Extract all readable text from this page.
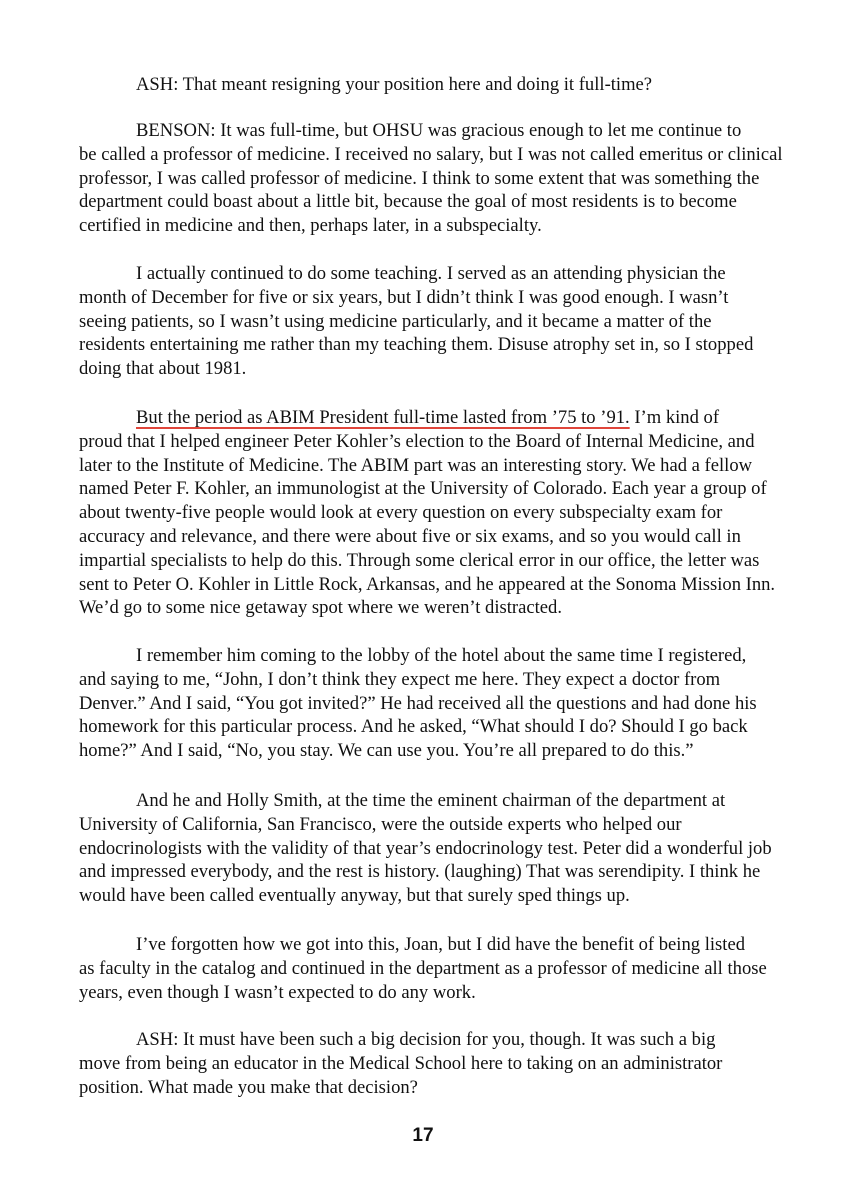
ASH: That meant resigning your position here and doing it full-time?

BENSON: It was full-time, but OHSU was gracious enough to let me continue to
be called a professor of medicine. I received no salary, but I was not called emeritus or clinical
professor, I was called professor of medicine. I think to some extent that was something the
department could boast about a little bit, because the goal of most residents is to become
certified in medicine and then, perhaps later, in a subspecialty.

I actually continued to do some teaching. I served as an attending physician the
month of December for five or six years, but I didn’t think I was good enough. I wasn’t
seeing patients, so I wasn’t using medicine particularly, and it became a matter of the
residents entertaining me rather than my teaching them. Disuse atrophy set in, so I stopped
doing that about 1981.

But the period as ABIM President full-time lasted from ’75 to ’91. I’m kind of
proud that I helped engineer Peter Kohler’s election to the Board of Internal Medicine, and
later to the Institute of Medicine. The ABIM part was an interesting story. We had a fellow
named Peter F. Kohler, an immunologist at the University of Colorado. Each year a group of
about twenty-five people would look at every question on every subspecialty exam for
accuracy and relevance, and there were about five or six exams, and so you would call in
impartial specialists to help do this. Through some clerical error in our office, the letter was
sent to Peter O. Kohler in Little Rock, Arkansas, and he appeared at the Sonoma Mission Inn.
We’d go to some nice getaway spot where we weren’t distracted.

I remember him coming to the lobby of the hotel about the same time I registered,
and saying to me, “John, I don’t think they expect me here. They expect a doctor from
Denver.” And I said, “You got invited?” He had received all the questions and had done his
homework for this particular process. And he asked, “What should I do? Should I go back
home?” And I said, “No, you stay. We can use you. You’re all prepared to do this.”

And he and Holly Smith, at the time the eminent chairman of the department at
University of California, San Francisco, were the outside experts who helped our
endocrinologists with the validity of that year’s endocrinology test. Peter did a wonderful job
and impressed everybody, and the rest is history. (laughing) That was serendipity. I think he
would have been called eventually anyway, but that surely sped things up.

I’ve forgotten how we got into this, Joan, but I did have the benefit of being listed
as faculty in the catalog and continued in the department as a professor of medicine all those
years, even though I wasn’t expected to do any work.

ASH: It must have been such a big decision for you, though. It was such a big
move from being an educator in the Medical School here to taking on an administrator
position. What made you make that decision?

17
